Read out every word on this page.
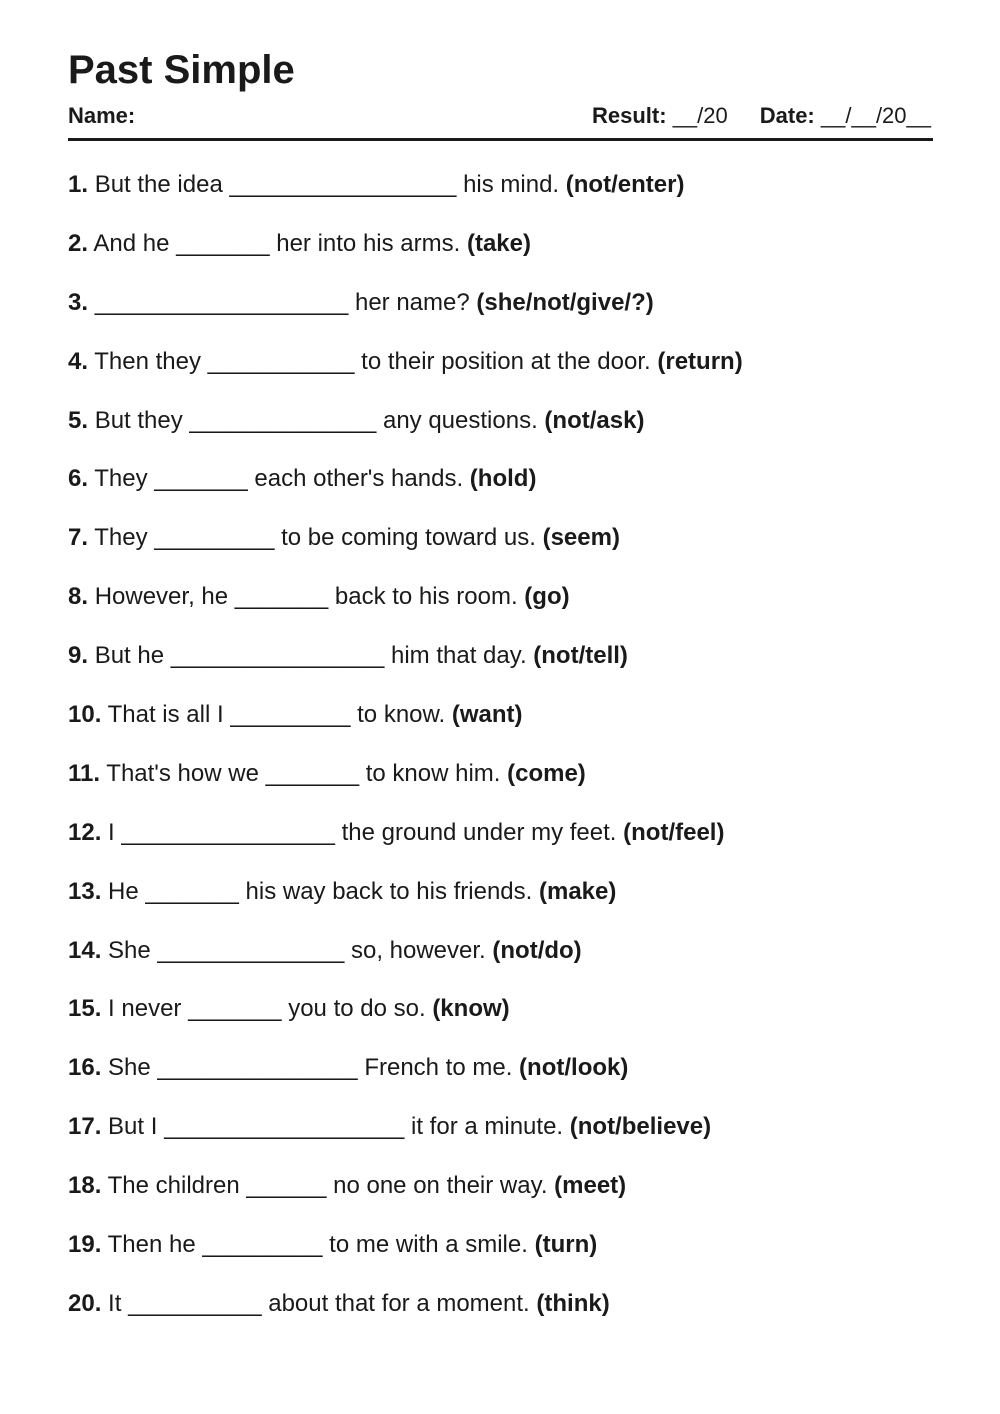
Past Simple
Name:	Result: __/20 Date: __/__/20__
1. But the idea _________________ his mind. (not/enter)
2. And he _______ her into his arms. (take)
3. ___________________ her name? (she/not/give/?)
4. Then they ___________ to their position at the door. (return)
5. But they ______________ any questions. (not/ask)
6. They _______ each other's hands. (hold)
7. They _________ to be coming toward us. (seem)
8. However, he _______ back to his room. (go)
9. But he ________________ him that day. (not/tell)
10. That is all I _________ to know. (want)
11. That's how we _______ to know him. (come)
12. I ________________ the ground under my feet. (not/feel)
13. He _______ his way back to his friends. (make)
14. She ______________ so, however. (not/do)
15. I never _______ you to do so. (know)
16. She _______________ French to me. (not/look)
17. But I __________________ it for a minute. (not/believe)
18. The children ______ no one on their way. (meet)
19. Then he _________ to me with a smile. (turn)
20. It __________ about that for a moment. (think)
